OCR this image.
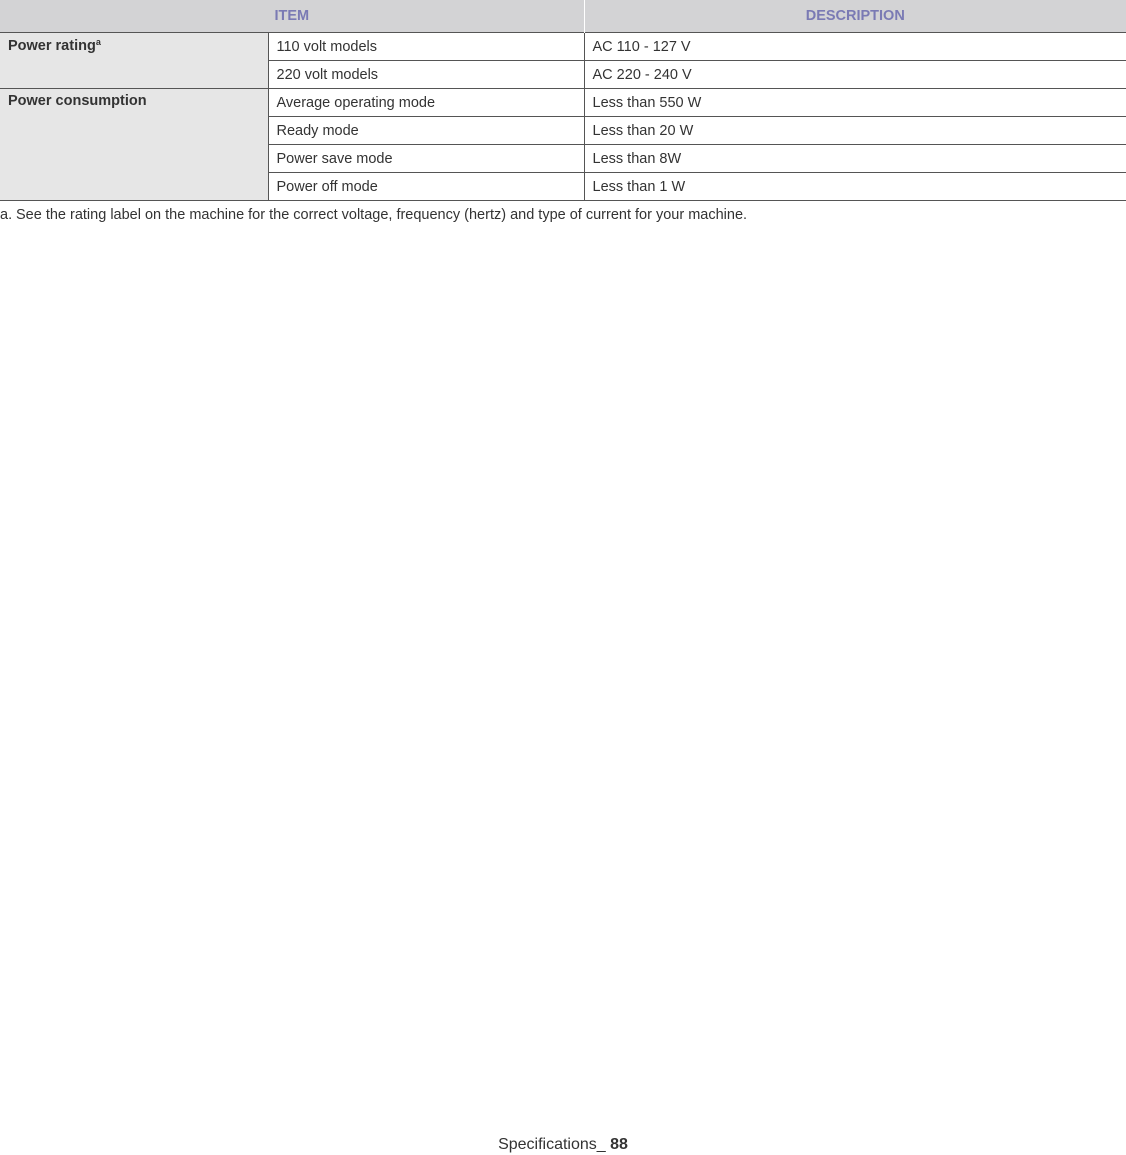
ITEM		DESCRIPTION
Power rating$^a$	110 volt models	AC 110 - 127 V
	220 volt models	AC 220 - 240 V
Power consumption	Average operating mode	Less than 550 W
	Ready mode	Less than 20 W
	Power save mode	Less than 8W
	Power off mode	Less than 1 W
a. See the rating label on the machine for the correct voltage, frequency (hertz) and type of current for your machine.
Specifications_ 88
